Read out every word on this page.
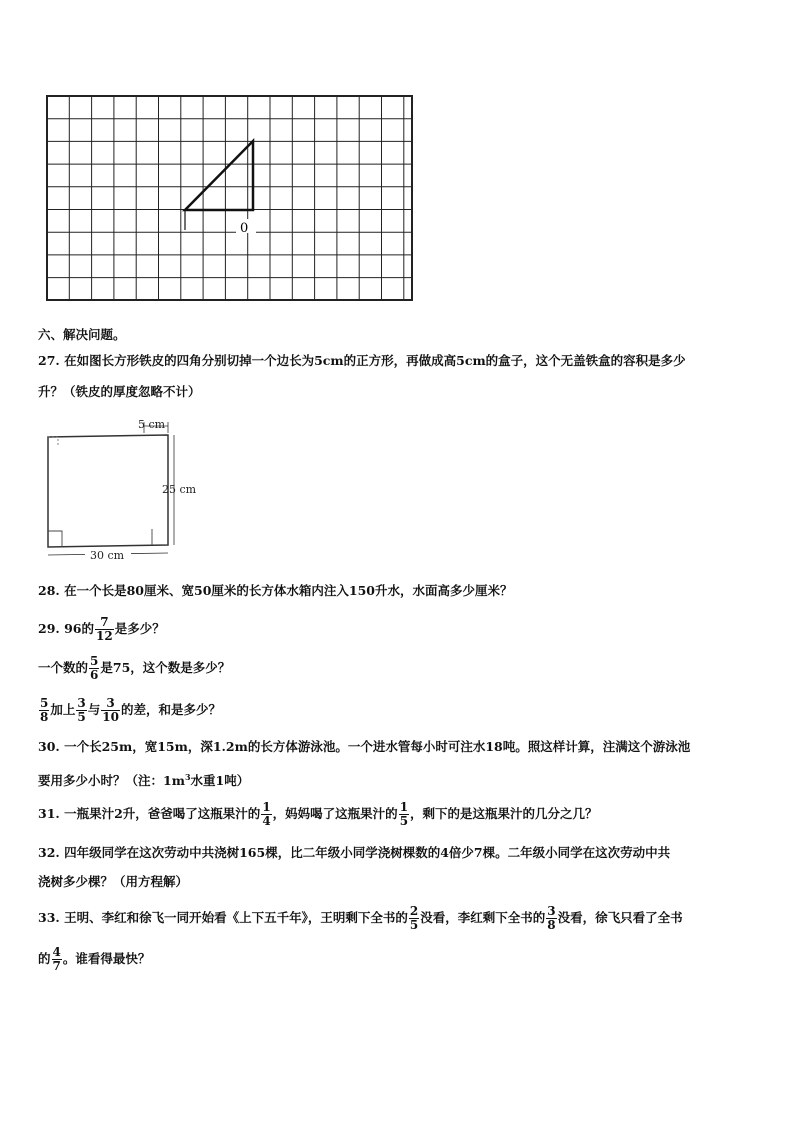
0
六、解决问题。
27. 在如图长方形铁皮的四角分别切掉一个边长为5cm的正方形，再做成高5cm的盒子，这个无盖铁盒的容积是多少
升？（铁皮的厚度忽略不计）
5 cm
25 cm
30 cm
28. 在一个长是80厘米、宽50厘米的长方体水箱内注入150升水，水面高多少厘米？
29. 96的 $\frac{7}{12}$ 是多少？
一个数的 $\frac{5}{6}$ 是75，这个数是多少？
$\frac{5}{8}$ 加上 $\frac{3}{5}$ 与 $\frac{3}{10}$ 的差，和是多少？
30. 一个长25m，宽15m，深1.2m的长方体游泳池。一个进水管每小时可注水18吨。照这样计算，注满这个游泳池
要用多少小时？（注：$1m^3$水重1吨）
31. 一瓶果汁2升，爸爸喝了这瓶果汁的 $\frac{1}{4}$ ，妈妈喝了这瓶果汁的 $\frac{1}{5}$ ，剩下的是这瓶果汁的几分之几？
32. 四年级同学在这次劳动中共浇树165棵，比二年级小同学浇树棵数的4倍少7棵。二年级小同学在这次劳动中共
浇树多少棵？（用方程解）
33. 王明、李红和徐飞一同开始看《上下五千年》，王明剩下全书的 $\frac{2}{5}$ 没看，李红剩下全书的 $\frac{3}{8}$ 没看，徐飞只看了全书
的 $\frac{4}{7}$ 。谁看得最快？
